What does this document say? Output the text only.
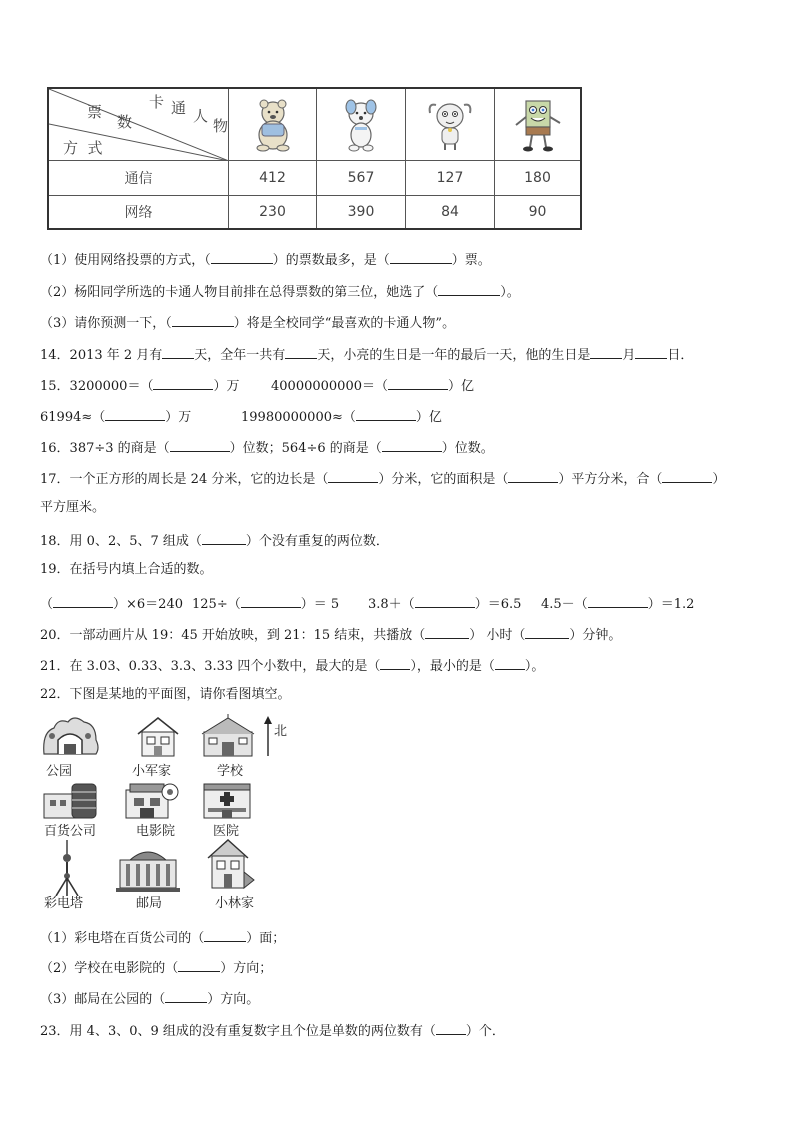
票
数
卡 通 人
物
方  式
通信	412	567	127	180
网络	230	390	84	90
（1）使用网络投票的方式，（	）的票数最多，是（	）票。
（2）杨阳同学所选的卡通人物目前排在总得票数的第三位，她选了（	）。
（3）请你预测一下，（	）将是全校同学“最喜欢的卡通人物”。
14．2013 年 2 月有 天，全年一共有 天，小亮的生日是一年的最后一天，他的生日是 月 日．
15．3200000＝（	）万 40000000000＝（	）亿
61994≈（	）万	19980000000≈（	）亿
16．387÷3 的商是（	）位数；564÷6 的商是（	）位数。
17．一个正方形的周长是 24 分米，它的边长是（	）分米，它的面积是（	）平方分米，合（	）
平方厘米。
18．用 0、2、5、7 组成（	）个没有重复的两位数．
19．在括号内填上合适的数。
（	）×6＝240 125÷（	）＝ 5 3.8＋（	）＝6.5 4.5－（	）＝1.2
20．一部动画片从 19：45 开始放映，到 21：15 结束，共播放（	） 小时（	）分钟。
21．在 3.03、0.33、3.3、3.33 四个小数中，最大的是（ ），最小的是（ ）。
22．下图是某地的平面图，请你看图填空。
公园	小军家	学校
北
百货公司	电影院	医院
彩电塔	邮局	小林家
（1）彩电塔在百货公司的（	）面；
（2）学校在电影院的（	）方向；
（3）邮局在公园的（	）方向。
23．用 4、3、0、9 组成的没有重复数字且个位是单数的两位数有（ ）个．
